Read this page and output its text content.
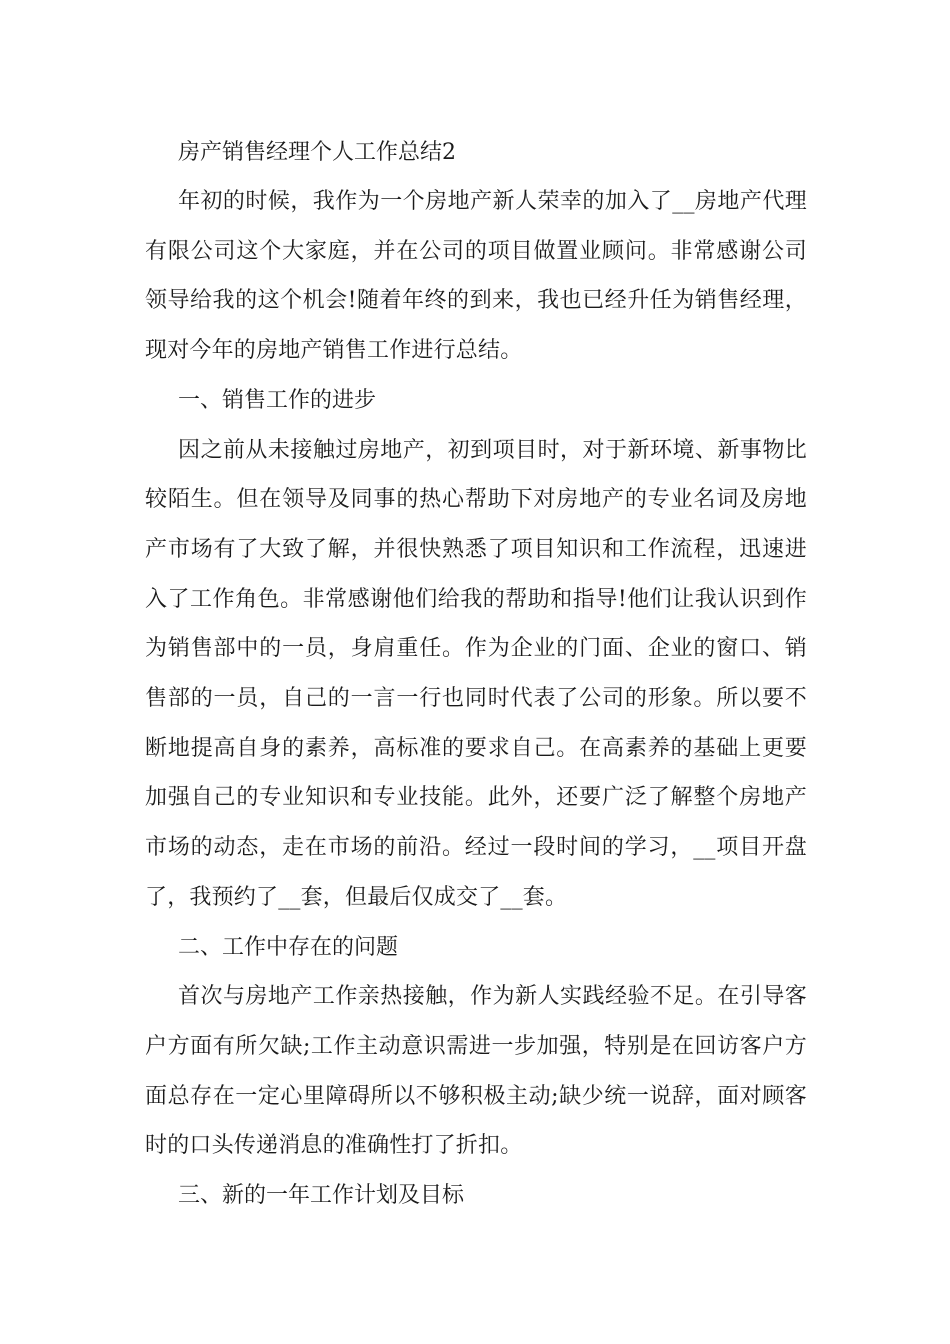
房产销售经理个人工作总结2

年初的时候，我作为一个房地产新人荣幸的加入了__房地产代理有限公司这个大家庭，并在公司的项目做置业顾问。非常感谢公司领导给我的这个机会!随着年终的到来，我也已经升任为销售经理，现对今年的房地产销售工作进行总结。

一、销售工作的进步

因之前从未接触过房地产，初到项目时，对于新环境、新事物比较陌生。但在领导及同事的热心帮助下对房地产的专业名词及房地产市场有了大致了解，并很快熟悉了项目知识和工作流程，迅速进入了工作角色。非常感谢他们给我的帮助和指导!他们让我认识到作为销售部中的一员，身肩重任。作为企业的门面、企业的窗口、销售部的一员，自己的一言一行也同时代表了公司的形象。所以要不断地提高自身的素养，高标准的要求自己。在高素养的基础上更要加强自己的专业知识和专业技能。此外，还要广泛了解整个房地产市场的动态，走在市场的前沿。经过一段时间的学习，__项目开盘了，我预约了__套，但最后仅成交了__套。

二、工作中存在的问题

首次与房地产工作亲热接触，作为新人实践经验不足。在引导客户方面有所欠缺;工作主动意识需进一步加强，特别是在回访客户方面总存在一定心里障碍所以不够积极主动;缺少统一说辞，面对顾客时的口头传递消息的准确性打了折扣。

三、新的一年工作计划及目标
